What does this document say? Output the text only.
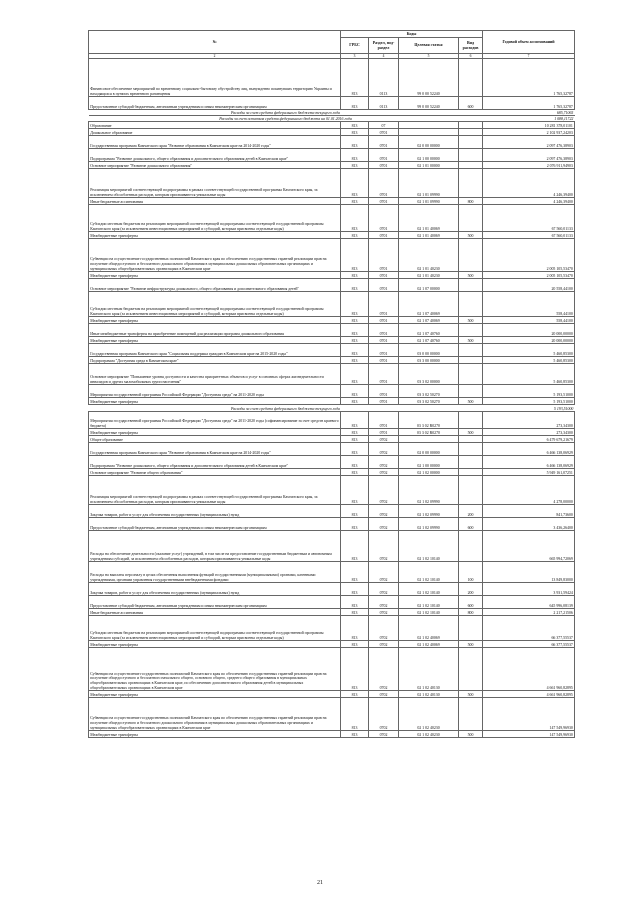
№	Коды				Годовой объем ассигнований
	ГРБС	Раздел, под-раздел	Целевая статья	Вид расходов	
2	3	4	5	6	7
Финансовое обеспечение мероприятий по временному социально-бытовому обустройству лиц, вынужденно покинувших территорию Украины и находящихся в пунктах временного размещения	813	0113	99 0 00 52240		1 765,32787
Предоставление субсидий бюджетным, автономным учреждениям и иным некоммерческим организациям	813	0113	99 0 00 52240	600	1 765,32787
Расходы за счет средств федерального бюджета текущего года					685,71065
Расходы за счет остатков средств федерального бюджета на 01.01.2016 года					1 088,11722
Образование	813	07			10 281 378,01101
Дошкольное образование	813	0701			2 102 937,24203
Государственная программа Камчатского края "Развитие образования в Камчатском крае на 2014-2020 годы"	813	0701	02 0 00 00000		2 097 476,38903
Подпрограмма "Развитие дошкольного, общего образования и дополнительного образования детей в Камчатском крае"	813	0701	02 1 00 00000		2 097 476,38903
Основное мероприятие "Развитие дошкольного образования"	813	0701	02 1 01 00000		2 076 911,94903
Реализация мероприятий соответствующей подпрограммы в рамках соответствующей государственной программы Камчатского края, за исключением обособленных расходов, которым присваиваются уникальные коды	813	0701	02 1 01 09990		4 246,39400
Иные бюджетные ассигнования	813	0701	02 1 01 09990	800	4 246,39400
Субсидии местным бюджетам на реализацию мероприятий соответствующей подпрограммы соответствующей государственной программы Камчатского края (за исключением инвестиционных мероприятий и субсидий, которым присвоены отдельные коды)	813	0701	02 1 01 40069		67 560,01133
Межбюджетные трансферты	813	0701	02 1 01 40069	500	67 560,01133
Субвенции на осуществление государственных полномочий Камчатского края по обеспечению государственных гарантий реализации прав на получение общедоступного и бесплатного дошкольного образования в муниципальных дошкольных образовательных организациях и муниципальных общеобразовательных организациях в Камчатском крае	813	0701	02 1 01 40230		2 005 105,53470
Межбюджетные трансферты	813	0701	02 1 01 40230	500	2 005 105,53470
Основное мероприятие "Развитие инфраструктуры дошкольного, общего образования и дополнительного образования детей"	813	0701	02 1 07 00000		20 558,44100
Субсидии местным бюджетам на реализацию мероприятий соответствующей подпрограммы соответствующей государственной программы Камчатского края (за исключением инвестиционных мероприятий и субсидий, которым присвоены отдельные коды)	813	0701	02 1 07 40069		558,44100
Межбюджетные трансферты	813	0701	02 1 07 40069	500	558,44100
Иные межбюджетные трансферты на приобретение помещений для реализации программ дошкольного образования	813	0701	02 1 07 40760		20 000,00000
Межбюджетные трансферты	813	0701	02 1 07 40760	500	20 000,00000
Государственная программа Камчатского края "Социальная поддержка граждан в Камчатском крае на 2015-2020 годы"	813	0701	03 0 00 00000		5 460,85300
Подпрограмма "Доступная среда в Камчатском крае"	813	0701	03 3 00 00000		5 460,85300
Основное мероприятие "Повышение уровня доступности и качества приоритетных объектов и услуг в основных сферах жизнедеятельности инвалидов и других маломобильных групп населения"	813	0701	03 3 02 00000		5 460,85300
Мероприятия государственной программы Российской Федерации "Доступная среда" на 2011-2020 годы	813	0701	03 3 02 50270		5 193,51000
Межбюджетные трансферты	813	0701	03 3 02 50270	500	5 193,51000
Расходы за счет средств федерального бюджета текущего года					5 193,51000
Мероприятия государственной программы Российской Федерации "Доступная среда" на 2011-2020 годы (софинансирование за счет средств краевого бюджета)	813	0701	03 3 02 R0270		273,34300
Межбюджетные трансферты	813	0701	03 3 02 R0270	500	273,34300
Общее образование	813	0702			6 479 679,21679
Государственная программа Камчатского края "Развитие образования в Камчатском крае на 2014-2020 годы"	813	0702	02 0 00 00000		6 466 138,06929
Подпрограмма "Развитие дошкольного, общего образования и дополнительного образования детей в Камчатском крае"	813	0702	02 1 00 00000		6 466 138,06929
Основное мероприятие "Развитие общего образования"	813	0702	02 1 02 00000		5 949 161,07251
Реализация мероприятий соответствующей подпрограммы в рамках соответствующей государственной программы Камчатского края, за исключением обособленных расходов, которым присваиваются уникальные коды	813	0702	02 1 02 09990		4 278,00000
Закупка товаров, работ и услуг для обеспечения государственных (муниципальных) нужд	813	0702	02 1 02 09990	200	841,73600
Предоставление субсидий бюджетным, автономным учреждениям и иным некоммерческим организациям	813	0702	02 1 02 09990	600	3 436,26400
Расходы на обеспечение деятельности (оказание услуг) учреждений, в том числе на предоставление государственным бюджетным и автономным учреждениям субсидий, за исключением обособленных расходов, которым присваиваются уникальные коды	813	0702	02 1 02 10140		665 994,72069
Расходы на выплаты персоналу в целях обеспечения выполнения функций государственными (муниципальными) органами, казенными учреждениями, органами управления государственными внебюджетными фондами	813	0702	02 1 02 10140	100	13 849,83000
Закупка товаров, работ и услуг для обеспечения государственных (муниципальных) нужд	813	0702	02 1 02 10140	200	3 931,59424
Предоставление субсидий бюджетным, автономным учреждениям и иным некоммерческим организациям	813	0702	02 1 02 10140	600	645 996,08139
Иные бюджетные ассигнования	813	0702	02 1 02 10140	800	2 217,21506
Субсидии местным бюджетам на реализацию мероприятий соответствующей подпрограммы соответствующей государственной программы Камчатского края (за исключением инвестиционных мероприятий и субсидий, которым присвоены отдельные коды)	813	0702	02 1 02 40069		66 377,55537
Межбюджетные трансферты	813	0702	02 1 02 40069	500	66 377,55537
Субвенции на осуществление государственных полномочий Камчатского края по обеспечению государственных гарантий реализации прав на получение общедоступного и бесплатного начального общего, основного общего, среднего общего образования в муниципальных общеобразовательных организациях в Камчатском крае, по обеспечению дополнительного образования детей в муниципальных общеобразовательных организациях в Камчатском крае	813	0702	02 1 02 40130		4 661 960,82895
Межбюджетные трансферты	813	0702	02 1 02 40130	500	4 661 960,82895
Субвенции на осуществление государственных полномочий Камчатского края по обеспечению государственных гарантий реализации прав на получение общедоступного и бесплатного дошкольного образования в муниципальных дошкольных образовательных организациях и муниципальных общеобразовательных организациях в Камчатском крае	813	0702	02 1 02 40230		147 549,96930
Межбюджетные трансферты	813	0702	02 1 02 40230	500	147 549,96930
21
